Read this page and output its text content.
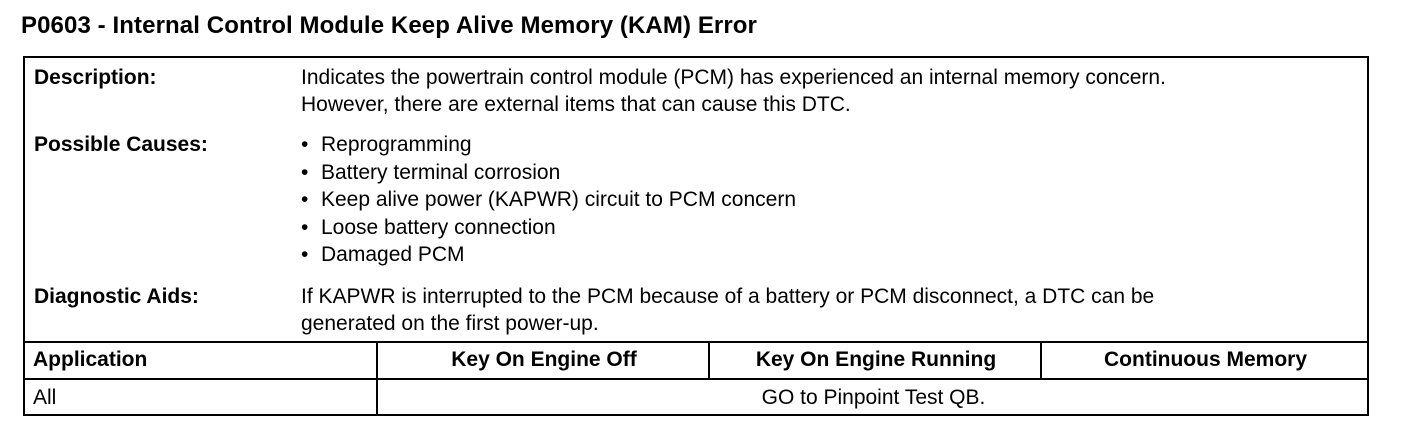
P0603 - Internal Control Module Keep Alive Memory (KAM) Error
Description:	Indicates the powertrain control module (PCM) has experienced an internal memory concern.

However, there are external items that can cause this DTC.

Possible Causes:	• Reprogramming
• Battery terminal corrosion
• Keep alive power (KAPWR) circuit to PCM concern
• Loose battery connection
• Damaged PCM
Diagnostic Aids:	If KAPWR is interrupted to the PCM because of a battery or PCM disconnect, a DTC can be

generated on the first power-up.

Application	Key On Engine Off	Key On Engine Running	Continuous Memory
All	GO to Pinpoint Test QB.
